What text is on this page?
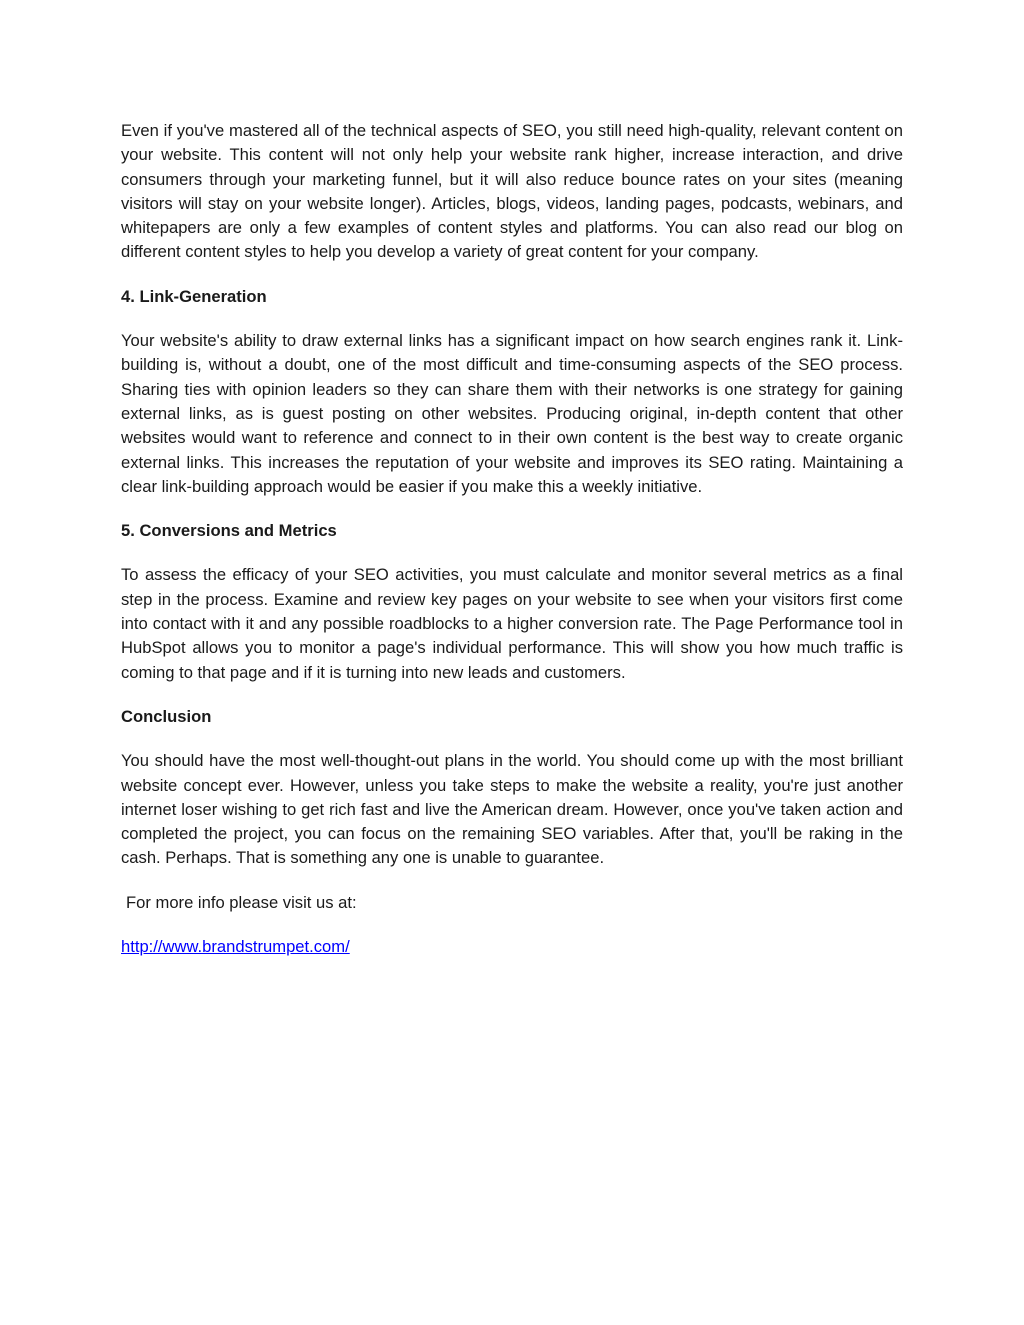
Even if you've mastered all of the technical aspects of SEO, you still need high-quality, relevant content on your website. This content will not only help your website rank higher, increase interaction, and drive consumers through your marketing funnel, but it will also reduce bounce rates on your sites (meaning visitors will stay on your website longer). Articles, blogs, videos, landing pages, podcasts, webinars, and whitepapers are only a few examples of content styles and platforms. You can also read our blog on different content styles to help you develop a variety of great content for your company.

4. Link-Generation

Your website's ability to draw external links has a significant impact on how search engines rank it. Link-building is, without a doubt, one of the most difficult and time-consuming aspects of the SEO process. Sharing ties with opinion leaders so they can share them with their networks is one strategy for gaining external links, as is guest posting on other websites. Producing original, in-depth content that other websites would want to reference and connect to in their own content is the best way to create organic external links. This increases the reputation of your website and improves its SEO rating. Maintaining a clear link-building approach would be easier if you make this a weekly initiative.

5. Conversions and Metrics

To assess the efficacy of your SEO activities, you must calculate and monitor several metrics as a final step in the process. Examine and review key pages on your website to see when your visitors first come into contact with it and any possible roadblocks to a higher conversion rate. The Page Performance tool in HubSpot allows you to monitor a page's individual performance. This will show you how much traffic is coming to that page and if it is turning into new leads and customers.

Conclusion

You should have the most well-thought-out plans in the world. You should come up with the most brilliant website concept ever. However, unless you take steps to make the website a reality, you're just another internet loser wishing to get rich fast and live the American dream. However, once you've taken action and completed the project, you can focus on the remaining SEO variables. After that, you'll be raking in the cash. Perhaps. That is something any one is unable to guarantee.

For more info please visit us at:

http://www.brandstrumpet.com/
